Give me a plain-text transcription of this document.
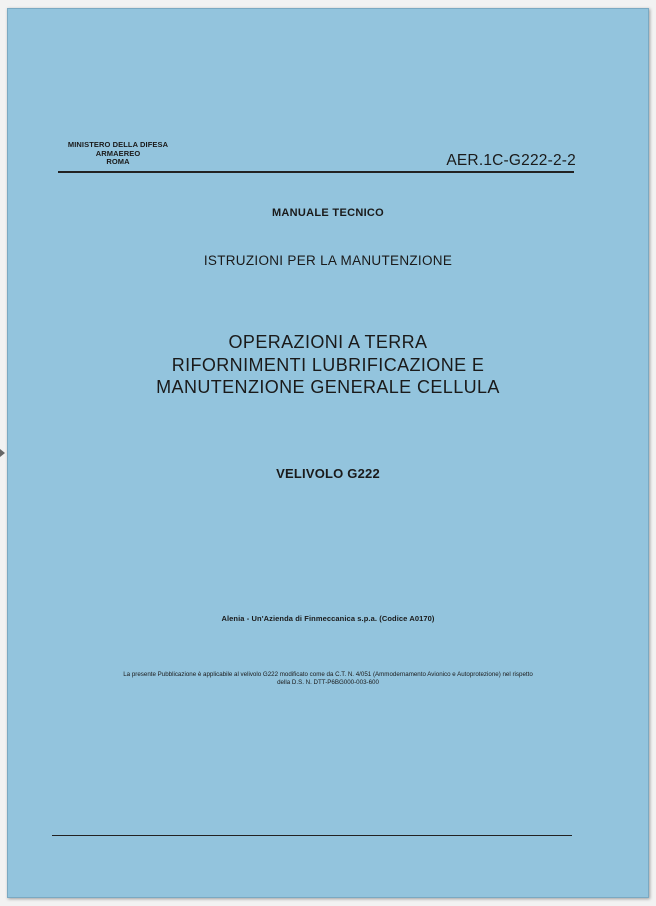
MINISTERO DELLA DIFESA
ARMAEREO
ROMA	AER.1C-G222-2-2
MANUALE TECNICO
ISTRUZIONI PER LA MANUTENZIONE
OPERAZIONI A TERRA
RIFORNIMENTI LUBRIFICAZIONE E
MANUTENZIONE GENERALE CELLULA
VELIVOLO G222
Alenia - Un'Azienda di Finmeccanica s.p.a. (Codice A0170)
La presente Pubblicazione è applicabile al velivolo G222 modificato come da C.T. N. 4/051 (Ammodernamento Avionico e Autoprotezione) nel rispetto
della D.S. N. DTT-P6BG000-003-600
